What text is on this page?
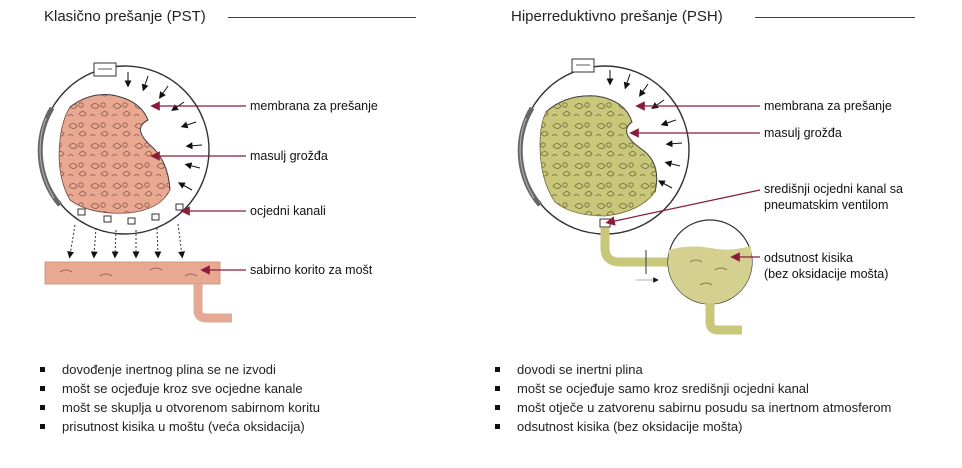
Klasično prešanje (PST)	Hiperreduktivno prešanje (PSH)
membrana za prešanje
masulj grožđa
ocjedni kanali
sabirno korito za mošt
membrana za prešanje
masulj grožđa
središnji ocjedni kanal sa
pneumatskim ventilom
odsutnost kisika
(bez oksidacije mošta)
dovođenje inertnog plina se ne izvodi
mošt se ocjeđuje kroz sve ocjedne kanale
mošt se skuplja u otvorenom sabirnom koritu
prisutnost kisika u moštu (veća oksidacija)
dovodi se inertni plina
mošt se ocjeđuje samo kroz središnji ocjedni kanal
mošt otječe u zatvorenu sabirnu posudu sa inertnom atmosferom
odsutnost kisika (bez oksidacije mošta)
